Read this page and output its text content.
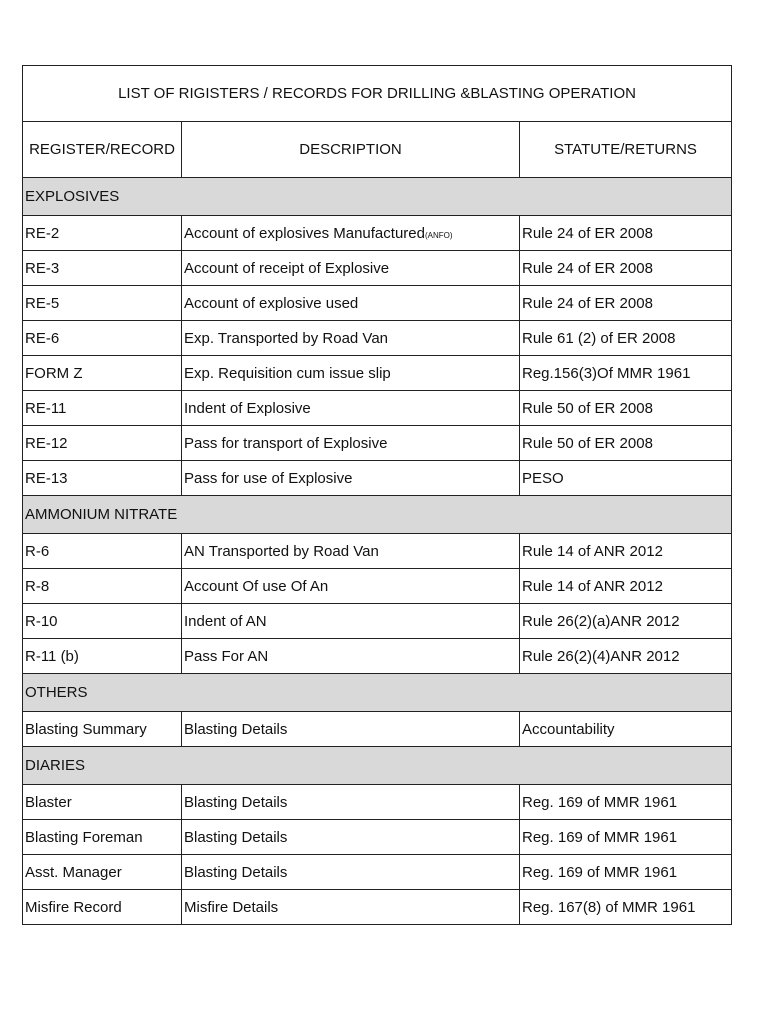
LIST OF RIGISTERS / RECORDS FOR DRILLING &BLASTING OPERATION		
REGISTER/RECORD	DESCRIPTION	STATUTE/RETURNS
EXPLOSIVES		
RE-2	Account of explosives Manufactured(ANFO)	Rule 24 of ER 2008
RE-3	Account of receipt of Explosive	Rule 24 of ER 2008
RE-5	Account of explosive used	Rule 24 of ER 2008
RE-6	Exp. Transported by Road Van	Rule 61 (2) of ER 2008
FORM Z	Exp. Requisition cum issue slip	Reg.156(3)Of MMR 1961
RE-11	Indent of Explosive	Rule 50 of ER 2008
RE-12	Pass for transport of Explosive	Rule 50 of ER 2008
RE-13	Pass for use of Explosive	PESO
AMMONIUM NITRATE		
R-6	AN Transported by Road Van	Rule 14 of ANR 2012
R-8	Account Of use Of An	Rule 14 of ANR 2012
R-10	Indent of AN	Rule 26(2)(a)ANR 2012
R-11 (b)	Pass For AN	Rule 26(2)(4)ANR 2012
OTHERS		
Blasting Summary	Blasting Details	Accountability
DIARIES		
Blaster	Blasting Details	Reg. 169 of MMR 1961
Blasting Foreman	Blasting Details	Reg. 169 of MMR 1961
Asst. Manager	Blasting Details	Reg. 169 of MMR 1961
Misfire Record	Misfire Details	Reg. 167(8) of MMR 1961
